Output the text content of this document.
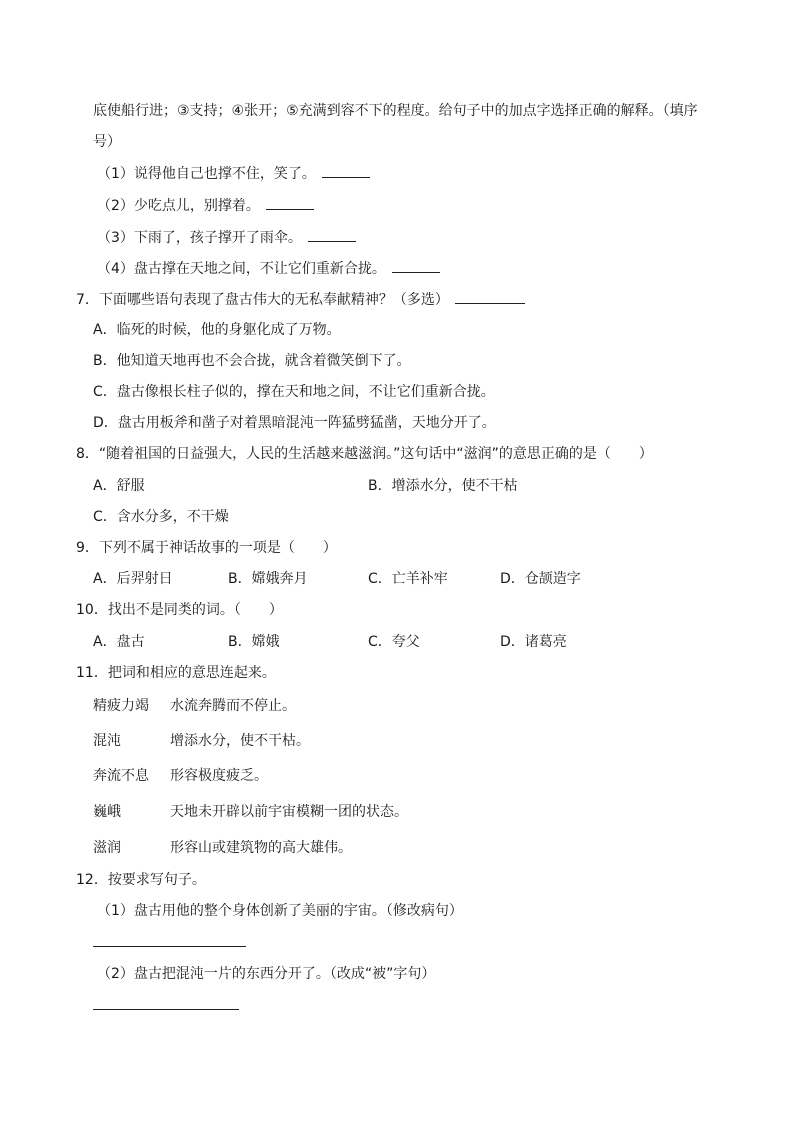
底使船行进；③支持；④张开；⑤充满到容不下的程度。给句子中的加点字选择正确的解释。（填序
号）
（1）说得他自己也撑不住，笑了。
（2）少吃点儿，别撑着。
（3）下雨了，孩子撑开了雨伞。
（4）盘古撑在天地之间，不让它们重新合拢。
7．下面哪些语句表现了盘古伟大的无私奉献精神？（多选）
A．临死的时候，他的身躯化成了万物。
B．他知道天地再也不会合拢，就含着微笑倒下了。
C．盘古像根长柱子似的，撑在天和地之间，不让它们重新合拢。
D．盘古用板斧和凿子对着黑暗混沌一阵猛劈猛凿，天地分开了。
8．“随着祖国的日益强大，人民的生活越来越滋润。”这句话中“滋润”的意思正确的是（　　）
A．舒服	B．增添水分，使不干枯
C．含水分多，不干燥
9．下列不属于神话故事的一项是（　　）
A．后羿射日	B．嫦娥奔月	C．亡羊补牢	D．仓颉造字
10．找出不是同类的词。（　　）
A．盘古	B．嫦娥	C．夸父	D．诸葛亮
11．把词和相应的意思连起来。
精疲力竭 水流奔腾而不停止。
混沌	增添水分，使不干枯。
奔流不息 形容极度疲乏。
巍峨	天地未开辟以前宇宙模糊一团的状态。
滋润	形容山或建筑物的高大雄伟。
12．按要求写句子。
（1）盘古用他的整个身体创新了美丽的宇宙。（修改病句）
（2）盘古把混沌一片的东西分开了。（改成“被”字句）
